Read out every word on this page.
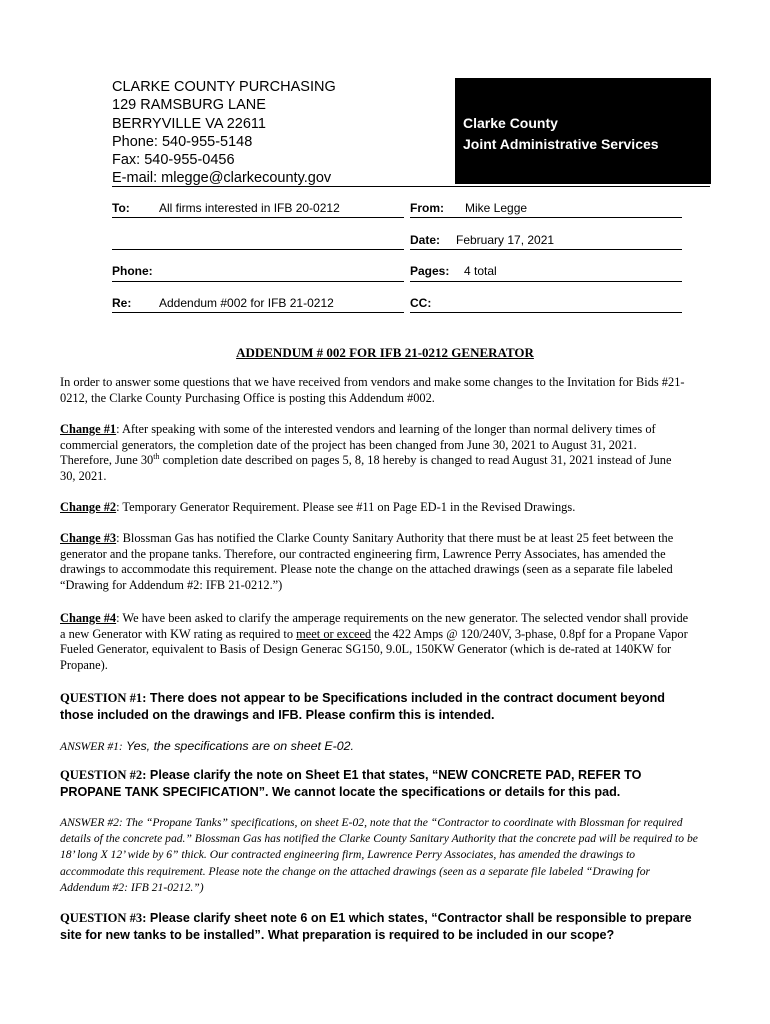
CLARKE COUNTY PURCHASING
129 RAMSBURG LANE
BERRYVILLE VA 22611
Phone: 540-955-5148
Fax: 540-955-0456
E-mail: mlegge@clarkecounty.gov
Clarke County
Joint Administrative Services
To: All firms interested in IFB 20-0212	From: Mike Legge
Date: February 17, 2021
Phone:	Pages: 4 total
Re: Addendum #002 for IFB 21-0212	CC:
ADDENDUM # 002 FOR IFB 21-0212 GENERATOR

In order to answer some questions that we have received from vendors and make some changes to the Invitation for Bids #21-0212, the Clarke County Purchasing Office is posting this Addendum #002.

Change #1: After speaking with some of the interested vendors and learning of the longer than normal delivery times of commercial generators, the completion date of the project has been changed from June 30, 2021 to August 31, 2021. Therefore, June 30th completion date described on pages 5, 8, 18 hereby is changed to read August 31, 2021 instead of June 30, 2021.

Change #2: Temporary Generator Requirement. Please see #11 on Page ED-1 in the Revised Drawings.

Change #3: Blossman Gas has notified the Clarke County Sanitary Authority that there must be at least 25 feet between the generator and the propane tanks. Therefore, our contracted engineering firm, Lawrence Perry Associates, has amended the drawings to accommodate this requirement. Please note the change on the attached drawings (seen as a separate file labeled “Drawing for Addendum #2: IFB 21-0212.”)

Change #4: We have been asked to clarify the amperage requirements on the new generator. The selected vendor shall provide a new Generator with KW rating as required to meet or exceed the 422 Amps @ 120/240V, 3-phase, 0.8pf for a Propane Vapor Fueled Generator, equivalent to Basis of Design Generac SG150, 9.0L, 150KW Generator (which is de-rated at 140KW for Propane).

QUESTION #1: There does not appear to be Specifications included in the contract document beyond those included on the drawings and IFB. Please confirm this is intended.
ANSWER #1: Yes, the specifications are on sheet E-02.
QUESTION #2: Please clarify the note on Sheet E1 that states, “NEW CONCRETE PAD, REFER TO PROPANE TANK SPECIFICATION”. We cannot locate the specifications or details for this pad.
ANSWER #2: The “Propane Tanks” specifications, on sheet E-02, note that the “Contractor to coordinate with Blossman for required details of the concrete pad.” Blossman Gas has notified the Clarke County Sanitary Authority that the concrete pad will be required to be 18’ long X 12’ wide by 6” thick. Our contracted engineering firm, Lawrence Perry Associates, has amended the drawings to accommodate this requirement. Please note the change on the attached drawings (seen as a separate file labeled “Drawing for Addendum #2: IFB 21-0212.”)
QUESTION #3: Please clarify sheet note 6 on E1 which states, “Contractor shall be responsible to prepare site for new tanks to be installed”. What preparation is required to be included in our scope?
